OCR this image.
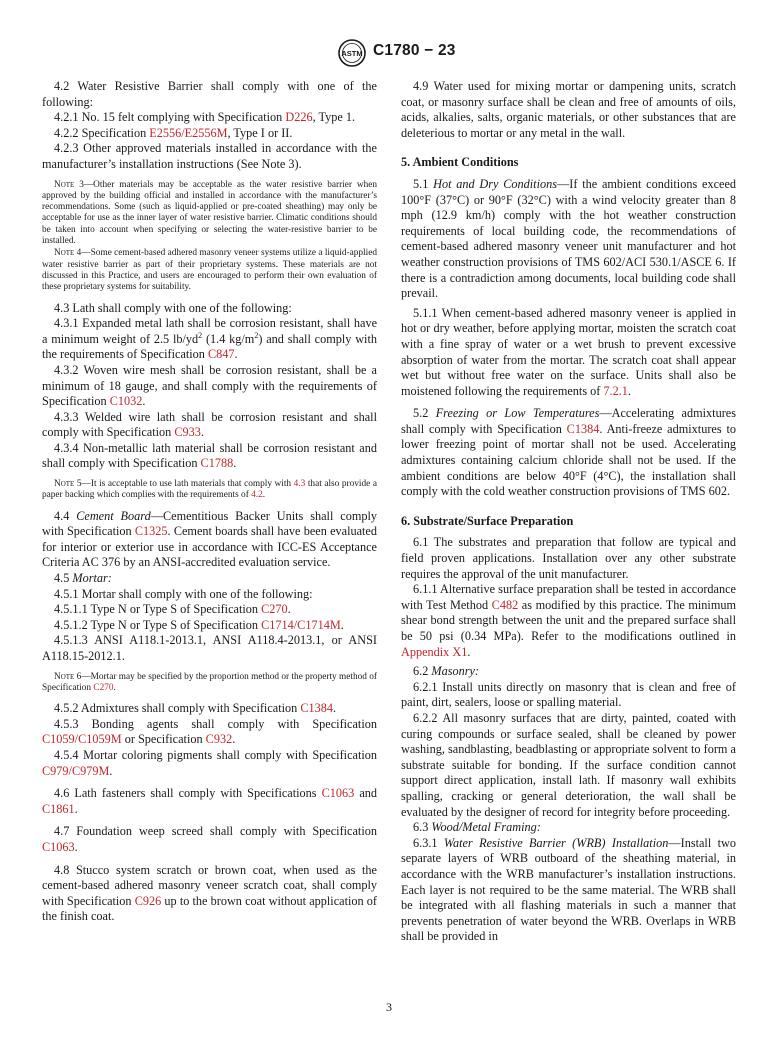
ASTM C1780 − 23

4.2 Water Resistive Barrier shall comply with one of the following:

4.2.1 No. 15 felt complying with Specification D226, Type 1.

4.2.2 Specification E2556/E2556M, Type I or II.

4.2.3 Other approved materials installed in accordance with the manufacturer’s installation instructions (See Note 3).

Note 3—Other materials may be acceptable as the water resistive barrier when approved by the building official and installed in accordance with the manufacturer’s recommendations. Some (such as liquid-applied or pre-coated sheathing) may only be acceptable for use as the inner layer of water resistive barrier. Climatic conditions should be taken into account when specifying or selecting the water-resistive barrier to be installed.

Note 4—Some cement-based adhered masonry veneer systems utilize a liquid-applied water resistive barrier as part of their proprietary systems. These materials are not discussed in this Practice, and users are encouraged to perform their own evaluation of these proprietary systems for suitability.

4.3 Lath shall comply with one of the following:

4.3.1 Expanded metal lath shall be corrosion resistant, shall have a minimum weight of 2.5 $lb/yd^2$ (1.4 $kg/m^2$) and shall comply with the requirements of Specification C847.

4.3.2 Woven wire mesh shall be corrosion resistant, shall be a minimum of 18 gauge, and shall comply with the requirements of Specification C1032.

4.3.3 Welded wire lath shall be corrosion resistant and shall comply with Specification C933.

4.3.4 Non-metallic lath material shall be corrosion resistant and shall comply with Specification C1788.

Note 5—It is acceptable to use lath materials that comply with 4.3 that also provide a paper backing which complies with the requirements of 4.2.

4.4 Cement Board—Cementitious Backer Units shall comply with Specification C1325. Cement boards shall have been evaluated for interior or exterior use in accordance with ICC-ES Acceptance Criteria AC 376 by an ANSI-accredited evaluation service.

4.5 Mortar:

4.5.1 Mortar shall comply with one of the following:

4.5.1.1 Type N or Type S of Specification C270.

4.5.1.2 Type N or Type S of Specification C1714/C1714M.

4.5.1.3 ANSI A118.1-2013.1, ANSI A118.4-2013.1, or ANSI A118.15-2012.1.

Note 6—Mortar may be specified by the proportion method or the property method of Specification C270.

4.5.2 Admixtures shall comply with Specification C1384.

4.5.3 Bonding agents shall comply with Specification C1059/C1059M or Specification C932.

4.5.4 Mortar coloring pigments shall comply with Specification C979/C979M.

4.6 Lath fasteners shall comply with Specifications C1063 and C1861.

4.7 Foundation weep screed shall comply with Specification C1063.

4.8 Stucco system scratch or brown coat, when used as the cement-based adhered masonry veneer scratch coat, shall comply with Specification C926 up to the brown coat without application of the finish coat.

4.9 Water used for mixing mortar or dampening units, scratch coat, or masonry surface shall be clean and free of amounts of oils, acids, alkalies, salts, organic materials, or other substances that are deleterious to mortar or any metal in the wall.

5. Ambient Conditions

5.1 Hot and Dry Conditions—If the ambient conditions exceed 100°F (37°C) or 90°F (32°C) with a wind velocity greater than 8 mph (12.9 km/h) comply with the hot weather construction requirements of local building code, the recommendations of cement-based adhered masonry veneer unit manufacturer and hot weather construction provisions of TMS 602/ACI 530.1/ASCE 6. If there is a contradiction among documents, local building code shall prevail.

5.1.1 When cement-based adhered masonry veneer is applied in hot or dry weather, before applying mortar, moisten the scratch coat with a fine spray of water or a wet brush to prevent excessive absorption of water from the mortar. The scratch coat shall appear wet but without free water on the surface. Units shall also be moistened following the requirements of 7.2.1.

5.2 Freezing or Low Temperatures—Accelerating admixtures shall comply with Specification C1384. Anti-freeze admixtures to lower freezing point of mortar shall not be used. Accelerating admixtures containing calcium chloride shall not be used. If the ambient conditions are below 40°F (4°C), the installation shall comply with the cold weather construction provisions of TMS 602.

6. Substrate/Surface Preparation

6.1 The substrates and preparation that follow are typical and field proven applications. Installation over any other substrate requires the approval of the unit manufacturer.

6.1.1 Alternative surface preparation shall be tested in accordance with Test Method C482 as modified by this practice. The minimum shear bond strength between the unit and the prepared surface shall be 50 psi (0.34 MPa). Refer to the modifications outlined in Appendix X1.

6.2 Masonry:

6.2.1 Install units directly on masonry that is clean and free of paint, dirt, sealers, loose or spalling material.

6.2.2 All masonry surfaces that are dirty, painted, coated with curing compounds or surface sealed, shall be cleaned by power washing, sandblasting, beadblasting or appropriate solvent to form a substrate suitable for bonding. If the surface condition cannot support direct application, install lath. If masonry wall exhibits spalling, cracking or general deterioration, the wall shall be evaluated by the designer of record for integrity before proceeding.

6.3 Wood/Metal Framing:

6.3.1 Water Resistive Barrier (WRB) Installation—Install two separate layers of WRB outboard of the sheathing material, in accordance with the WRB manufacturer’s installation instructions. Each layer is not required to be the same material. The WRB shall be integrated with all flashing materials in such a manner that prevents penetration of water beyond the WRB. Overlaps in WRB shall be provided in

3
